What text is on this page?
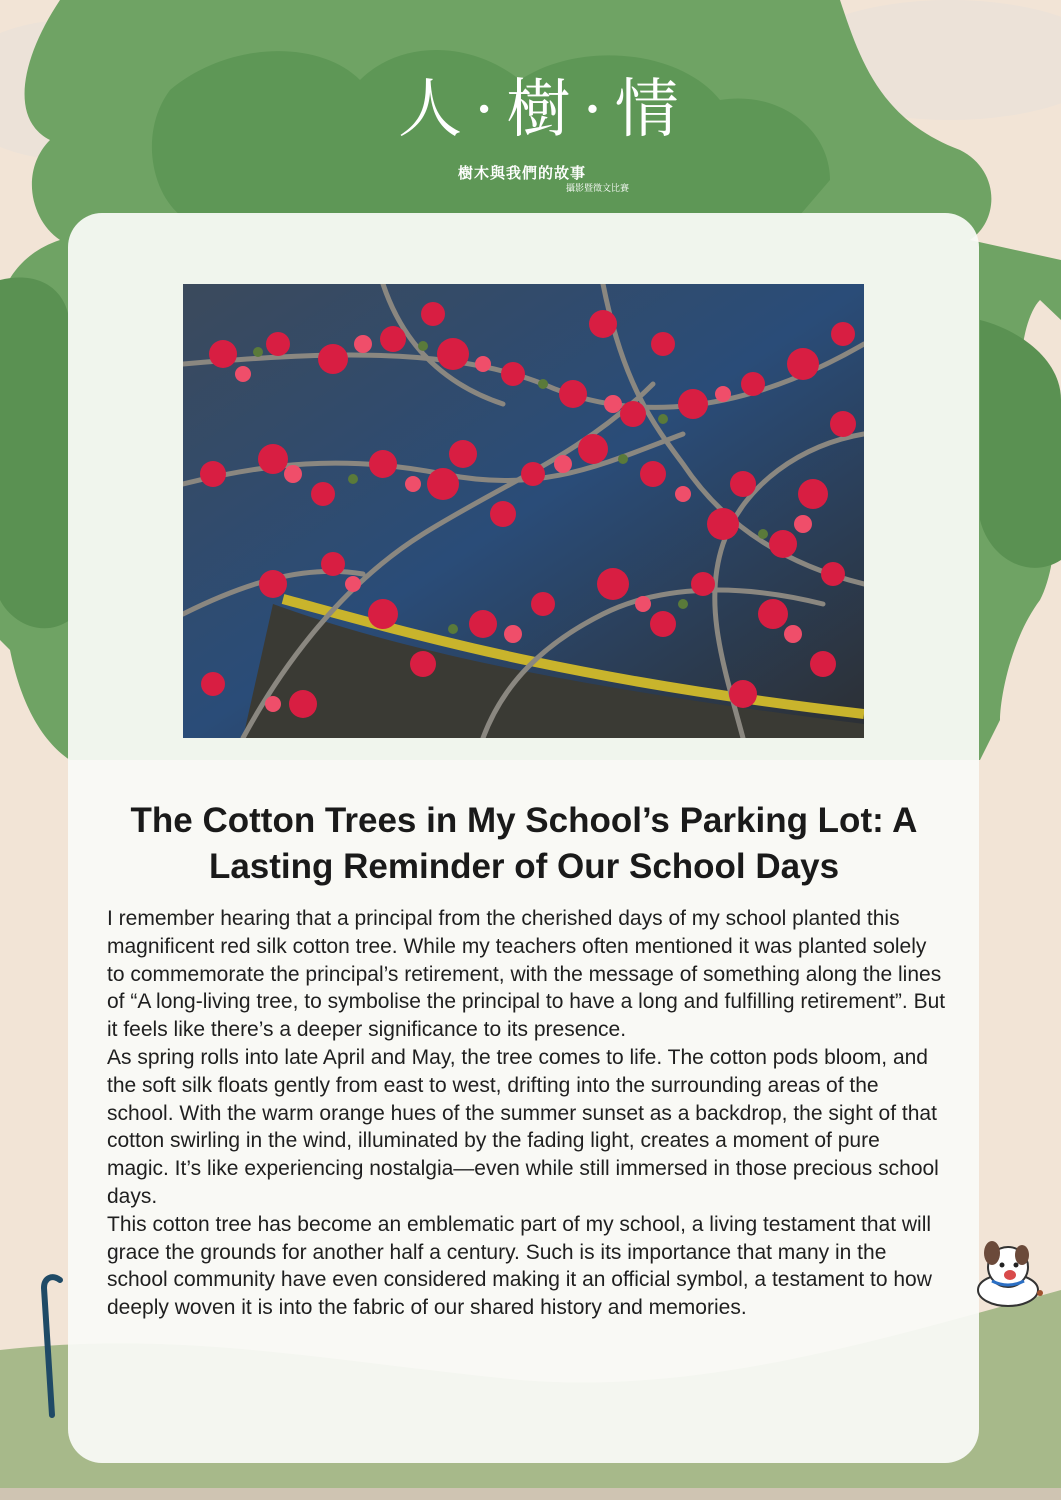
人·樹·情
樹木與我們的故事
攝影暨徵文比賽
The Cotton Trees in My School’s Parking Lot: A Lasting Reminder of Our School Days

I remember hearing that a principal from the cherished days of my school planted this magnificent red silk cotton tree. While my teachers often mentioned it was planted solely to commemorate the principal’s retirement, with the message of something along the lines of “A long-living tree, to symbolise the principal to have a long and fulfilling retirement”. But it feels like there’s a deeper significance to its presence.

As spring rolls into late April and May, the tree comes to life. The cotton pods bloom, and the soft silk floats gently from east to west, drifting into the surrounding areas of the school. With the warm orange hues of the summer sunset as a backdrop, the sight of that cotton swirling in the wind, illuminated by the fading light, creates a moment of pure magic. It’s like experiencing nostalgia—even while still immersed in those precious school days.

This cotton tree has become an emblematic part of my school, a living testament that will grace the grounds for another half a century. Such is its importance that many in the school community have even considered making it an official symbol, a testament to how deeply woven it is into the fabric of our shared history and memories.
